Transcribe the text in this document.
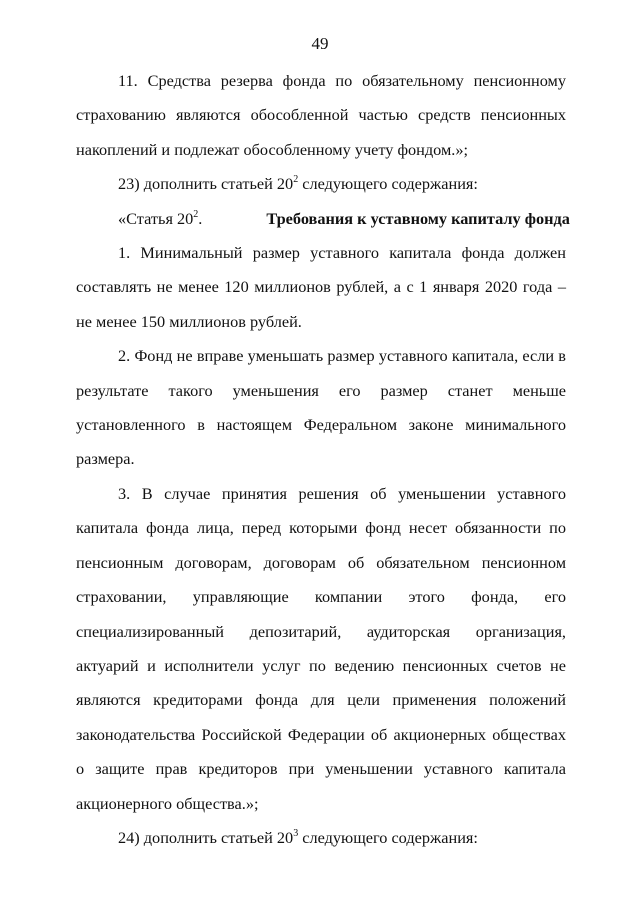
49

11. Средства резерва фонда по обязательному пенсионному страхованию являются обособленной частью средств пенсионных накоплений и подлежат обособленному учету фондом.»;

23) дополнить статьей $20^2$ следующего содержания:

«Статья $20^2$.	Требования к уставному капиталу фонда

1. Минимальный размер уставного капитала фонда должен составлять не менее 120 миллионов рублей, а с 1 января 2020 года – не менее 150 миллионов рублей.

2. Фонд не вправе уменьшать размер уставного капитала, если в результате такого уменьшения его размер станет меньше установленного в настоящем Федеральном законе минимального размера.

3. В случае принятия решения об уменьшении уставного капитала фонда лица, перед которыми фонд несет обязанности по пенсионным договорам, договорам об обязательном пенсионном страховании, управляющие компании этого фонда, его специализированный депозитарий, аудиторская организация, актуарий и исполнители услуг по ведению пенсионных счетов не являются кредиторами фонда для цели применения положений законодательства Российской Федерации об акционерных обществах о защите прав кредиторов при уменьшении уставного капитала акционерного общества.»;

24) дополнить статьей $20^3$ следующего содержания:
